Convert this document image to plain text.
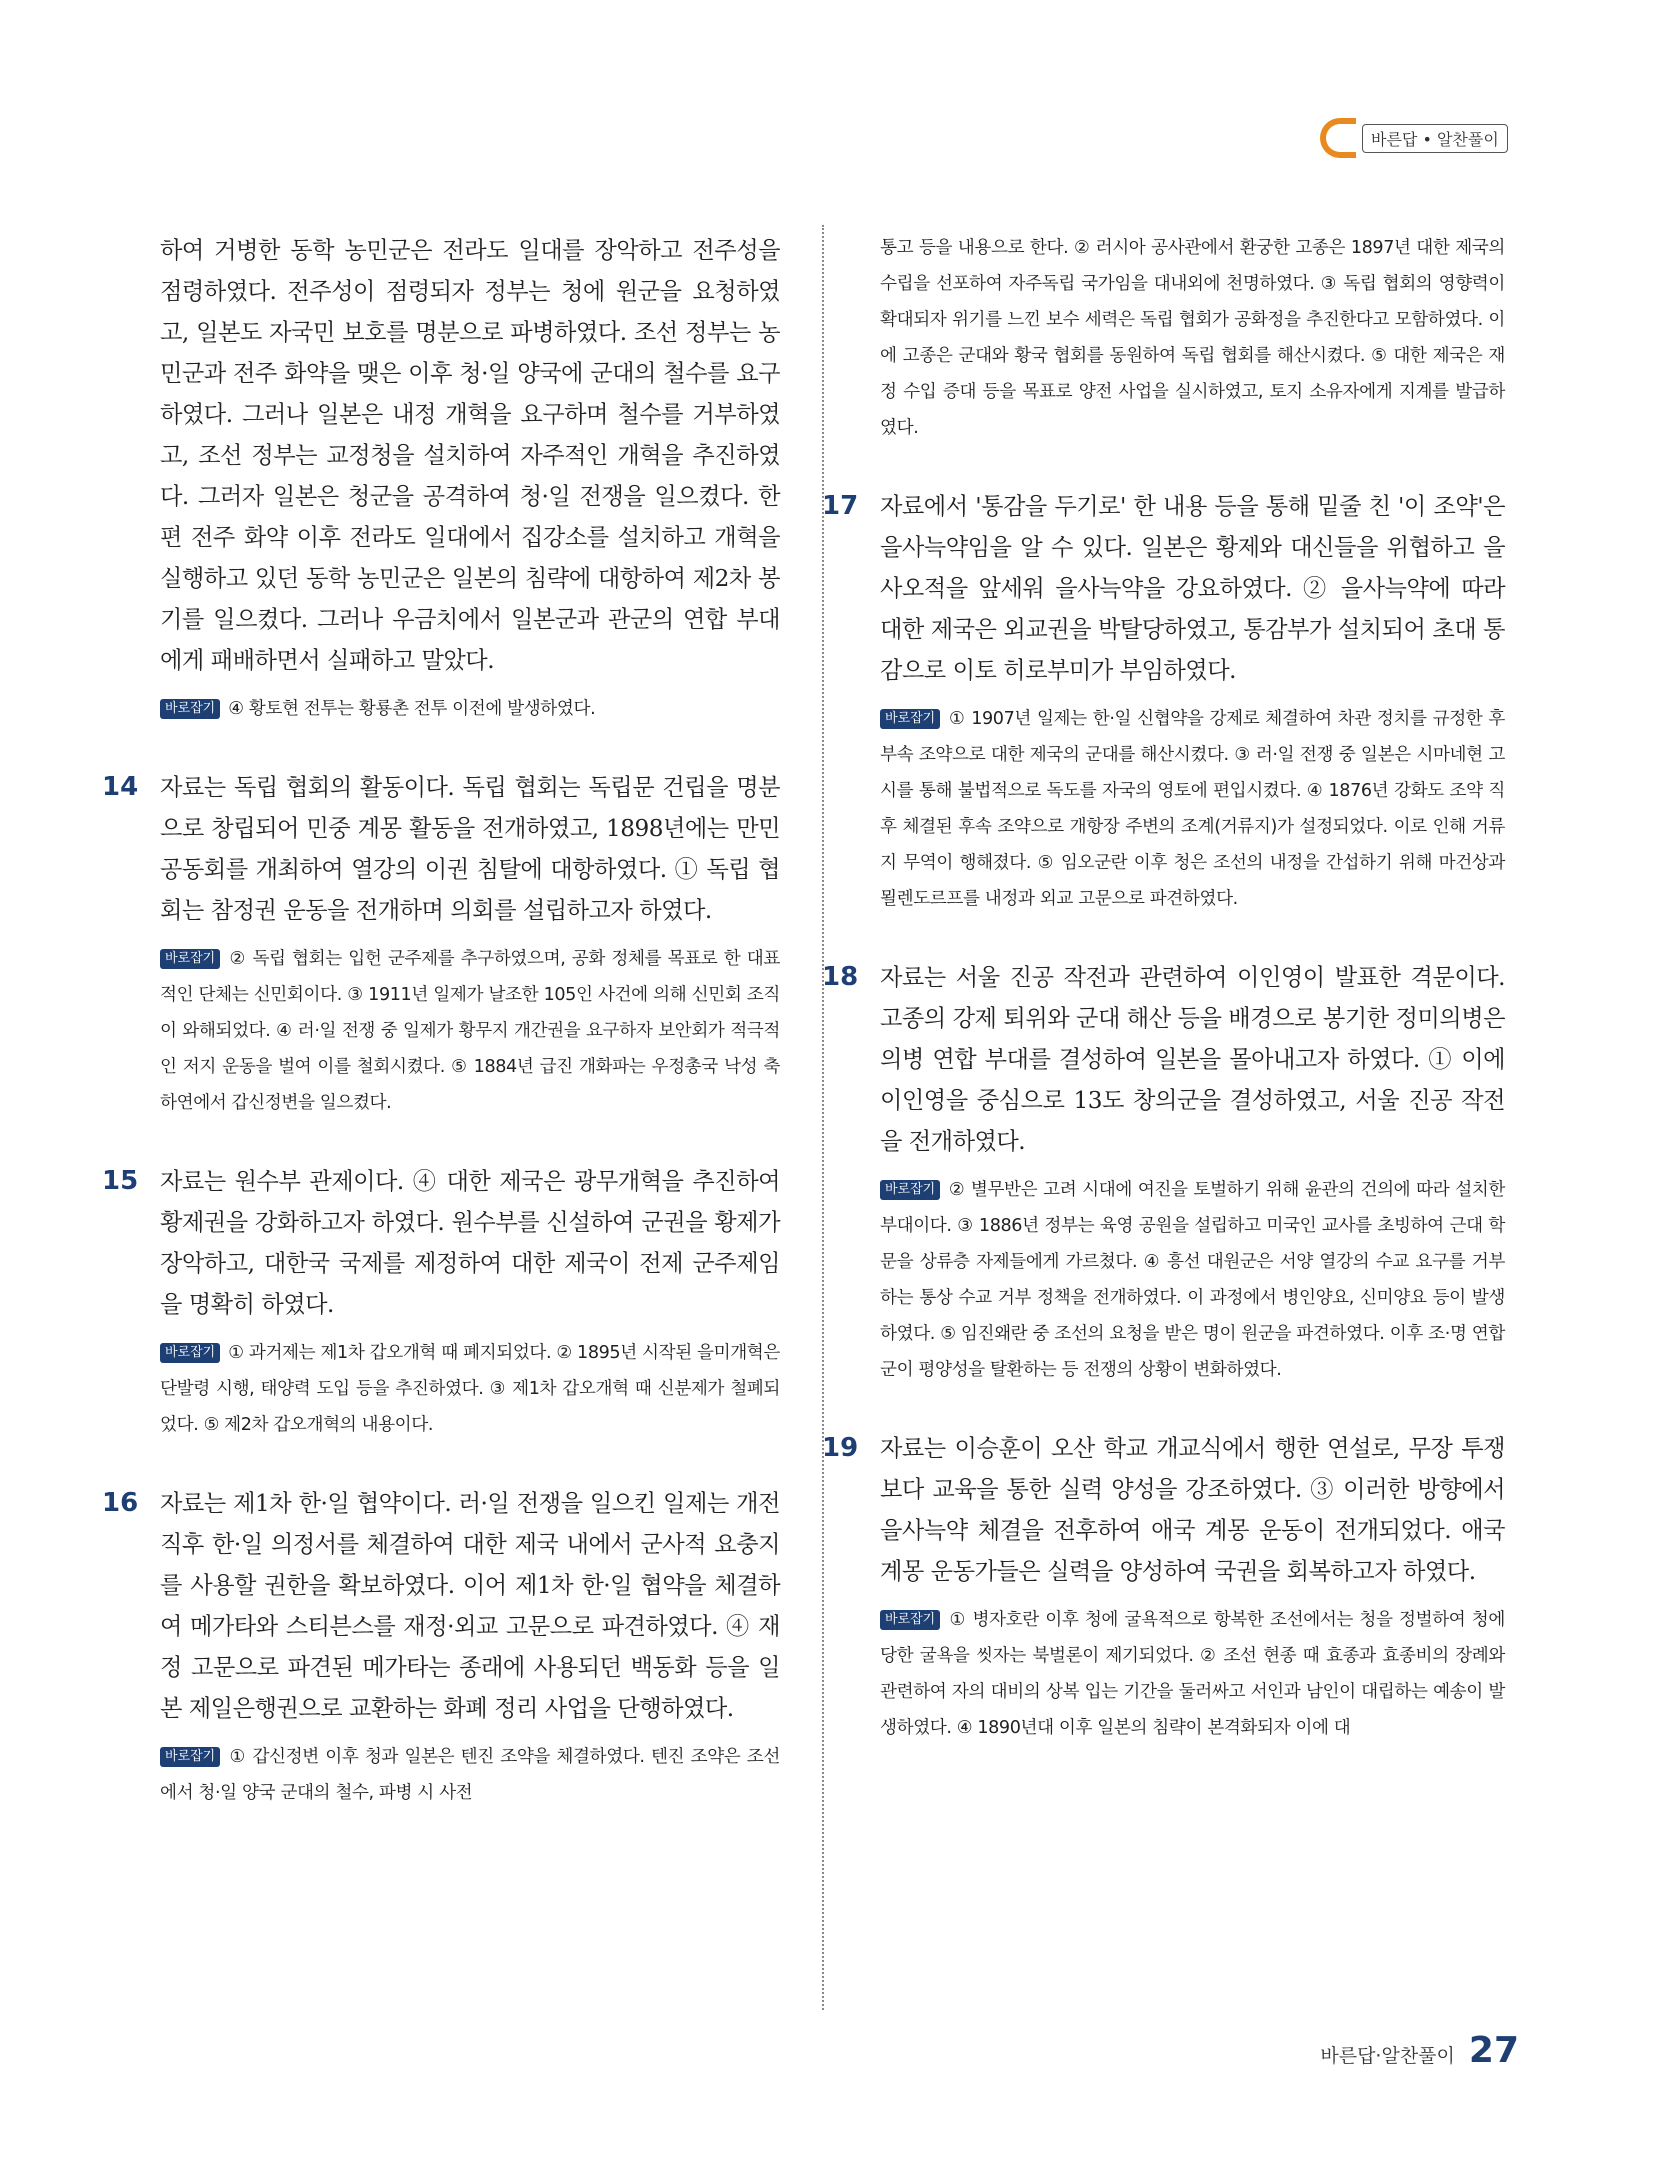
바른답 • 알찬풀이
하여 거병한 동학 농민군은 전라도 일대를 장악하고 전주성을 점령하였다. 전주성이 점령되자 정부는 청에 원군을 요청하였고, 일본도 자국민 보호를 명분으로 파병하였다. 조선 정부는 농민군과 전주 화약을 맺은 이후 청·일 양국에 군대의 철수를 요구하였다. 그러나 일본은 내정 개혁을 요구하며 철수를 거부하였고, 조선 정부는 교정청을 설치하여 자주적인 개혁을 추진하였다. 그러자 일본은 청군을 공격하여 청·일 전쟁을 일으켰다. 한편 전주 화약 이후 전라도 일대에서 집강소를 설치하고 개혁을 실행하고 있던 동학 농민군은 일본의 침략에 대항하여 제2차 봉기를 일으켰다. 그러나 우금치에서 일본군과 관군의 연합 부대에게 패배하면서 실패하고 말았다.
바로잡기 ④ 황토현 전투는 황룡촌 전투 이전에 발생하였다.
14 자료는 독립 협회의 활동이다. 독립 협회는 독립문 건립을 명분으로 창립되어 민중 계몽 활동을 전개하였고, 1898년에는 만민 공동회를 개최하여 열강의 이권 침탈에 대항하였다. ① 독립 협회는 참정권 운동을 전개하며 의회를 설립하고자 하였다.
바로잡기 ② 독립 협회는 입헌 군주제를 추구하였으며, 공화 정체를 목표로 한 대표적인 단체는 신민회이다. ③ 1911년 일제가 날조한 105인 사건에 의해 신민회 조직이 와해되었다. ④ 러·일 전쟁 중 일제가 황무지 개간권을 요구하자 보안회가 적극적인 저지 운동을 벌여 이를 철회시켰다. ⑤ 1884년 급진 개화파는 우정총국 낙성 축하연에서 갑신정변을 일으켰다.
15 자료는 원수부 관제이다. ④ 대한 제국은 광무개혁을 추진하여 황제권을 강화하고자 하였다. 원수부를 신설하여 군권을 황제가 장악하고, 대한국 국제를 제정하여 대한 제국이 전제 군주제임을 명확히 하였다.
바로잡기 ① 과거제는 제1차 갑오개혁 때 폐지되었다. ② 1895년 시작된 을미개혁은 단발령 시행, 태양력 도입 등을 추진하였다. ③ 제1차 갑오개혁 때 신분제가 철폐되었다. ⑤ 제2차 갑오개혁의 내용이다.
16 자료는 제1차 한·일 협약이다. 러·일 전쟁을 일으킨 일제는 개전 직후 한·일 의정서를 체결하여 대한 제국 내에서 군사적 요충지를 사용할 권한을 확보하였다. 이어 제1차 한·일 협약을 체결하여 메가타와 스티븐스를 재정·외교 고문으로 파견하였다. ④ 재정 고문으로 파견된 메가타는 종래에 사용되던 백동화 등을 일본 제일은행권으로 교환하는 화폐 정리 사업을 단행하였다.
바로잡기 ① 갑신정변 이후 청과 일본은 텐진 조약을 체결하였다. 텐진 조약은 조선에서 청·일 양국 군대의 철수, 파병 시 사전
통고 등을 내용으로 한다. ② 러시아 공사관에서 환궁한 고종은 1897년 대한 제국의 수립을 선포하여 자주독립 국가임을 대내외에 천명하였다. ③ 독립 협회의 영향력이 확대되자 위기를 느낀 보수 세력은 독립 협회가 공화정을 추진한다고 모함하였다. 이에 고종은 군대와 황국 협회를 동원하여 독립 협회를 해산시켰다. ⑤ 대한 제국은 재정 수입 증대 등을 목표로 양전 사업을 실시하였고, 토지 소유자에게 지계를 발급하였다.
17 자료에서 '통감을 두기로' 한 내용 등을 통해 밑줄 친 '이 조약'은 을사늑약임을 알 수 있다. 일본은 황제와 대신들을 위협하고 을사오적을 앞세워 을사늑약을 강요하였다. ② 을사늑약에 따라 대한 제국은 외교권을 박탈당하였고, 통감부가 설치되어 초대 통감으로 이토 히로부미가 부임하였다.
바로잡기 ① 1907년 일제는 한·일 신협약을 강제로 체결하여 차관 정치를 규정한 후 부속 조약으로 대한 제국의 군대를 해산시켰다. ③ 러·일 전쟁 중 일본은 시마네현 고시를 통해 불법적으로 독도를 자국의 영토에 편입시켰다. ④ 1876년 강화도 조약 직후 체결된 후속 조약으로 개항장 주변의 조계(거류지)가 설정되었다. 이로 인해 거류지 무역이 행해졌다. ⑤ 임오군란 이후 청은 조선의 내정을 간섭하기 위해 마건상과 묄렌도르프를 내정과 외교 고문으로 파견하였다.
18 자료는 서울 진공 작전과 관련하여 이인영이 발표한 격문이다. 고종의 강제 퇴위와 군대 해산 등을 배경으로 봉기한 정미의병은 의병 연합 부대를 결성하여 일본을 몰아내고자 하였다. ① 이에 이인영을 중심으로 13도 창의군을 결성하였고, 서울 진공 작전을 전개하였다.
바로잡기 ② 별무반은 고려 시대에 여진을 토벌하기 위해 윤관의 건의에 따라 설치한 부대이다. ③ 1886년 정부는 육영 공원을 설립하고 미국인 교사를 초빙하여 근대 학문을 상류층 자제들에게 가르쳤다. ④ 흥선 대원군은 서양 열강의 수교 요구를 거부하는 통상 수교 거부 정책을 전개하였다. 이 과정에서 병인양요, 신미양요 등이 발생하였다. ⑤ 임진왜란 중 조선의 요청을 받은 명이 원군을 파견하였다. 이후 조·명 연합군이 평양성을 탈환하는 등 전쟁의 상황이 변화하였다.
19 자료는 이승훈이 오산 학교 개교식에서 행한 연설로, 무장 투쟁보다 교육을 통한 실력 양성을 강조하였다. ③ 이러한 방향에서 을사늑약 체결을 전후하여 애국 계몽 운동이 전개되었다. 애국 계몽 운동가들은 실력을 양성하여 국권을 회복하고자 하였다.
바로잡기 ① 병자호란 이후 청에 굴욕적으로 항복한 조선에서는 청을 정벌하여 청에 당한 굴욕을 씻자는 북벌론이 제기되었다. ② 조선 현종 때 효종과 효종비의 장례와 관련하여 자의 대비의 상복 입는 기간을 둘러싸고 서인과 남인이 대립하는 예송이 발생하였다. ④ 1890년대 이후 일본의 침략이 본격화되자 이에 대
바른답·알찬풀이 27
